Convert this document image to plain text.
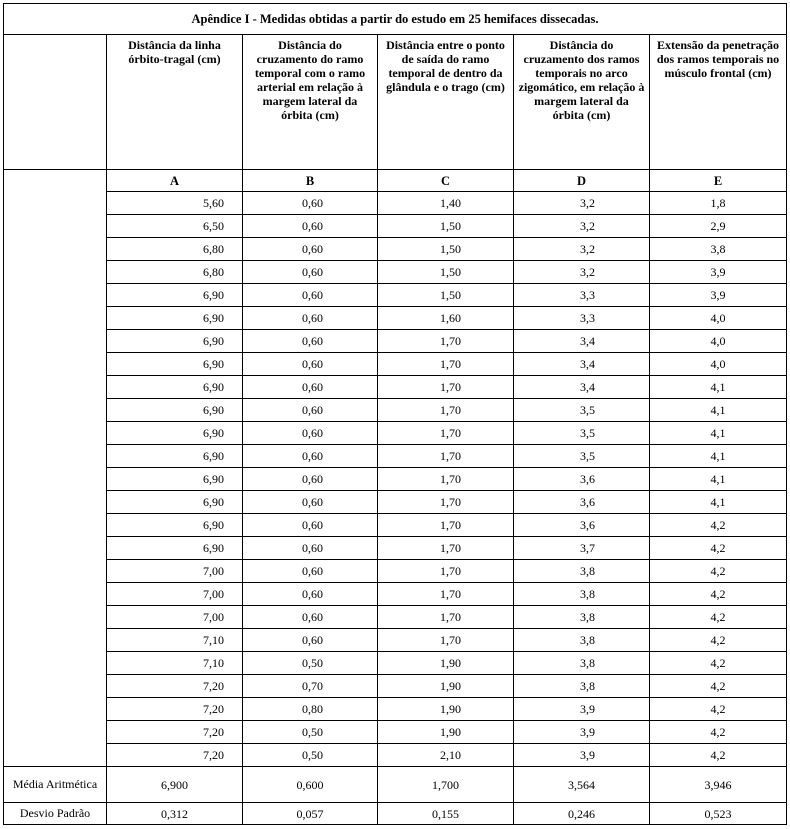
Apêndice I - Medidas obtidas a partir do estudo em 25 hemifaces dissecadas.					
	Distância da linha órbito-tragal (cm)	Distância do cruzamento do ramo temporal com o ramo arterial em relação à margem lateral da órbita (cm)	Distância entre o ponto de saída do ramo temporal de dentro da glândula e o trago (cm)	Distância do cruzamento dos ramos temporais no arco zigomático, em relação à margem lateral da órbita (cm)	Extensão da penetração dos ramos temporais no músculo frontal (cm)
	A	B	C	D	E
	5,60	0,60	1,40	3,2	1,8
	6,50	0,60	1,50	3,2	2,9
	6,80	0,60	1,50	3,2	3,8
	6,80	0,60	1,50	3,2	3,9
	6,90	0,60	1,50	3,3	3,9
	6,90	0,60	1,60	3,3	4,0
	6,90	0,60	1,70	3,4	4,0
	6,90	0,60	1,70	3,4	4,0
	6,90	0,60	1,70	3,4	4,1
	6,90	0,60	1,70	3,5	4,1
	6,90	0,60	1,70	3,5	4,1
	6,90	0,60	1,70	3,5	4,1
	6,90	0,60	1,70	3,6	4,1
	6,90	0,60	1,70	3,6	4,1
	6,90	0,60	1,70	3,6	4,2
	6,90	0,60	1,70	3,7	4,2
	7,00	0,60	1,70	3,8	4,2
	7,00	0,60	1,70	3,8	4,2
	7,00	0,60	1,70	3,8	4,2
	7,10	0,60	1,70	3,8	4,2
	7,10	0,50	1,90	3,8	4,2
	7,20	0,70	1,90	3,8	4,2
	7,20	0,80	1,90	3,9	4,2
	7,20	0,50	1,90	3,9	4,2
	7,20	0,50	2,10	3,9	4,2
Média Aritmética	6,900	0,600	1,700	3,564	3,946
Desvio Padrão	0,312	0,057	0,155	0,246	0,523
